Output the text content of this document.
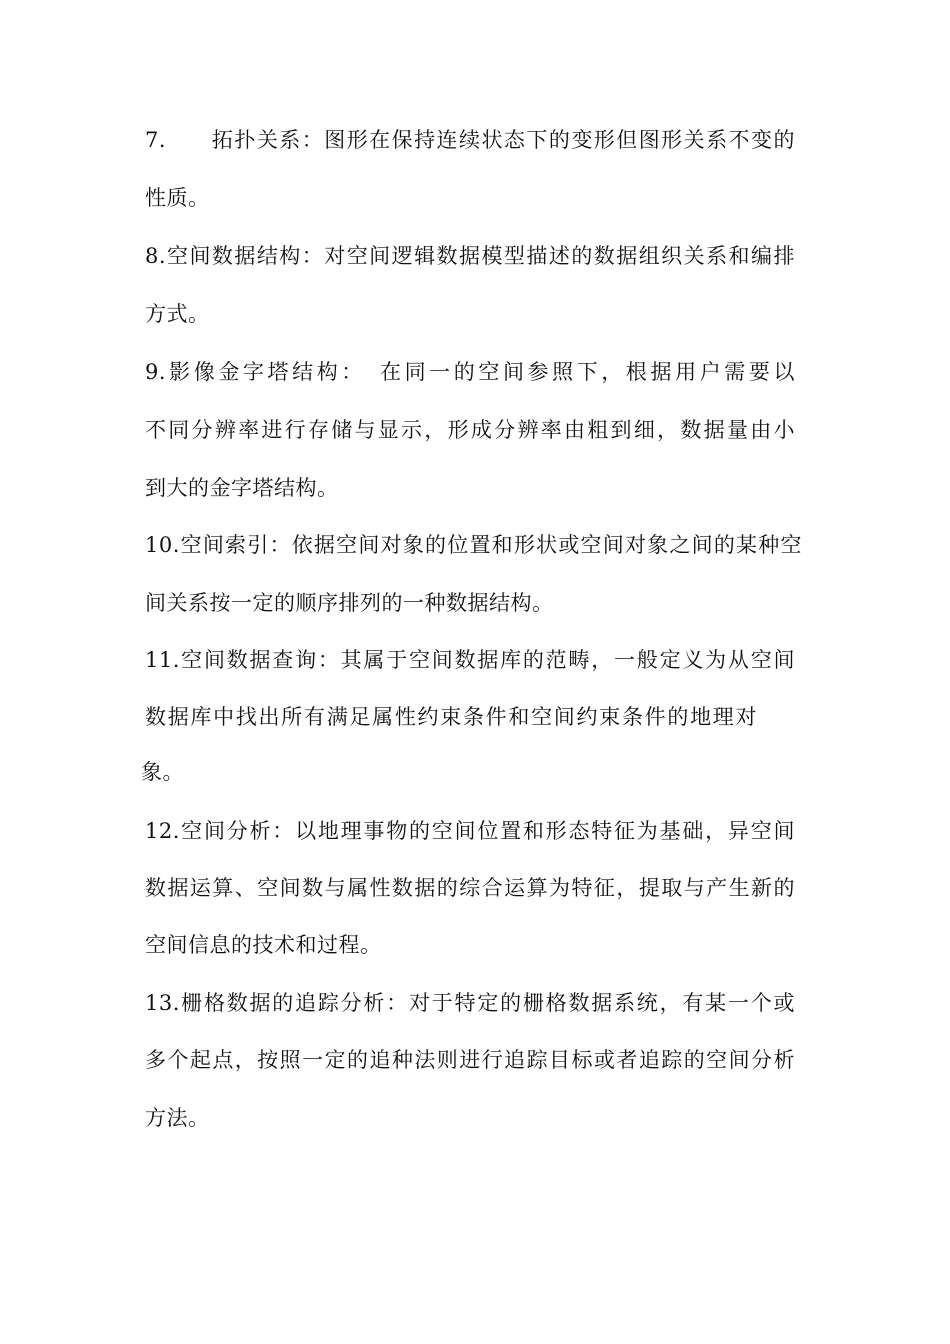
7.　　拓扑关系：图形在保持连续状态下的变形但图形关系不变的
性质。
8.空间数据结构：对空间逻辑数据模型描述的数据组织关系和编排
方式。
9.影像金字塔结构：　在同一的空间参照下，根据用户需要以
不同分辨率进行存储与显示，形成分辨率由粗到细，数据量由小
到大的金字塔结构。
10.空间索引：依据空间对象的位置和形状或空间对象之间的某种空
间关系按一定的顺序排列的一种数据结构。
11.空间数据查询：其属于空间数据库的范畴，一般定义为从空间
数据库中找出所有满足属性约束条件和空间约束条件的地理对
象。
12.空间分析：以地理事物的空间位置和形态特征为基础，异空间
数据运算、空间数与属性数据的综合运算为特征，提取与产生新的
空间信息的技术和过程。
13.栅格数据的追踪分析：对于特定的栅格数据系统，有某一个或
多个起点，按照一定的追种法则进行追踪目标或者追踪的空间分析
方法。
